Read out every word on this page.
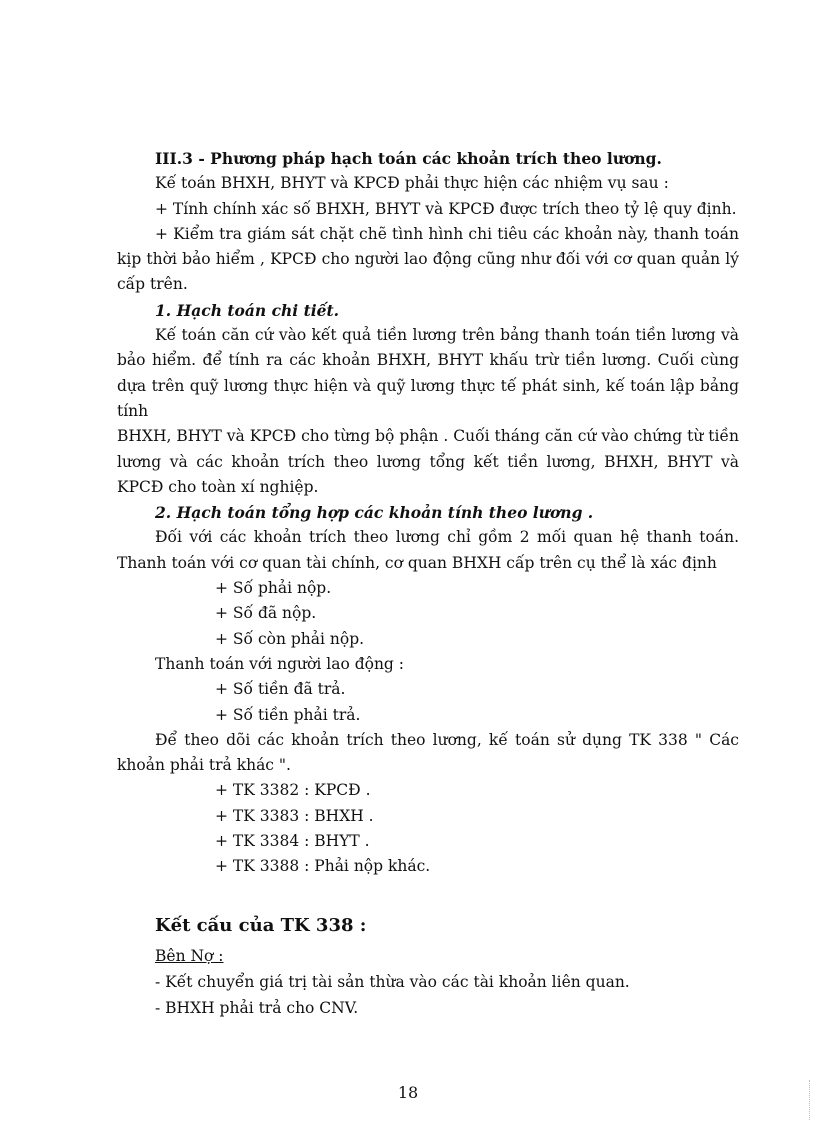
III.3 - Phương pháp hạch toán các khoản trích theo lương.
Kế toán BHXH, BHYT và KPCĐ phải thực hiện các nhiệm vụ sau :
+ Tính chính xác số BHXH, BHYT và KPCĐ được trích theo tỷ lệ quy định.
+ Kiểm tra giám sát chặt chẽ tình hình chi tiêu các khoản này, thanh toán
kịp thời bảo hiểm , KPCĐ cho người lao động cũng như đối với cơ quan quản lý
cấp trên.
1. Hạch toán chi tiết.
Kế toán căn cứ vào kết quả tiền lương trên bảng thanh toán tiền lương và
bảo hiểm. để tính ra các khoản BHXH, BHYT khấu trừ tiền lương. Cuối cùng
dựa trên quỹ lương thực hiện và quỹ lương thực tế phát sinh, kế toán lập bảng tính
BHXH, BHYT và KPCĐ cho từng bộ phận . Cuối tháng căn cứ vào chứng từ tiền
lương và các khoản trích theo lương tổng kết tiền lương, BHXH, BHYT và
KPCĐ cho toàn xí nghiệp.
2. Hạch toán tổng hợp các khoản tính theo lương .
Đối với các khoản trích theo lương chỉ gồm 2 mối quan hệ thanh toán.
Thanh toán với cơ quan tài chính, cơ quan BHXH cấp trên cụ thể là xác định
+ Số phải nộp.
+ Số đã nộp.
+ Số còn phải nộp.
Thanh toán với người lao động :
+ Số tiền đã trả.
+ Số tiền phải trả.
Để theo dõi các khoản trích theo lương, kế toán sử dụng TK 338 " Các
khoản phải trả khác ".
+ TK 3382 : KPCĐ .
+ TK 3383 : BHXH .
+ TK 3384 : BHYT .
+ TK 3388 : Phải nộp khác.
Kết cấu của TK 338 :
Bên Nợ :
- Kết chuyển giá trị tài sản thừa vào các tài khoản liên quan.
- BHXH phải trả cho CNV.
18
